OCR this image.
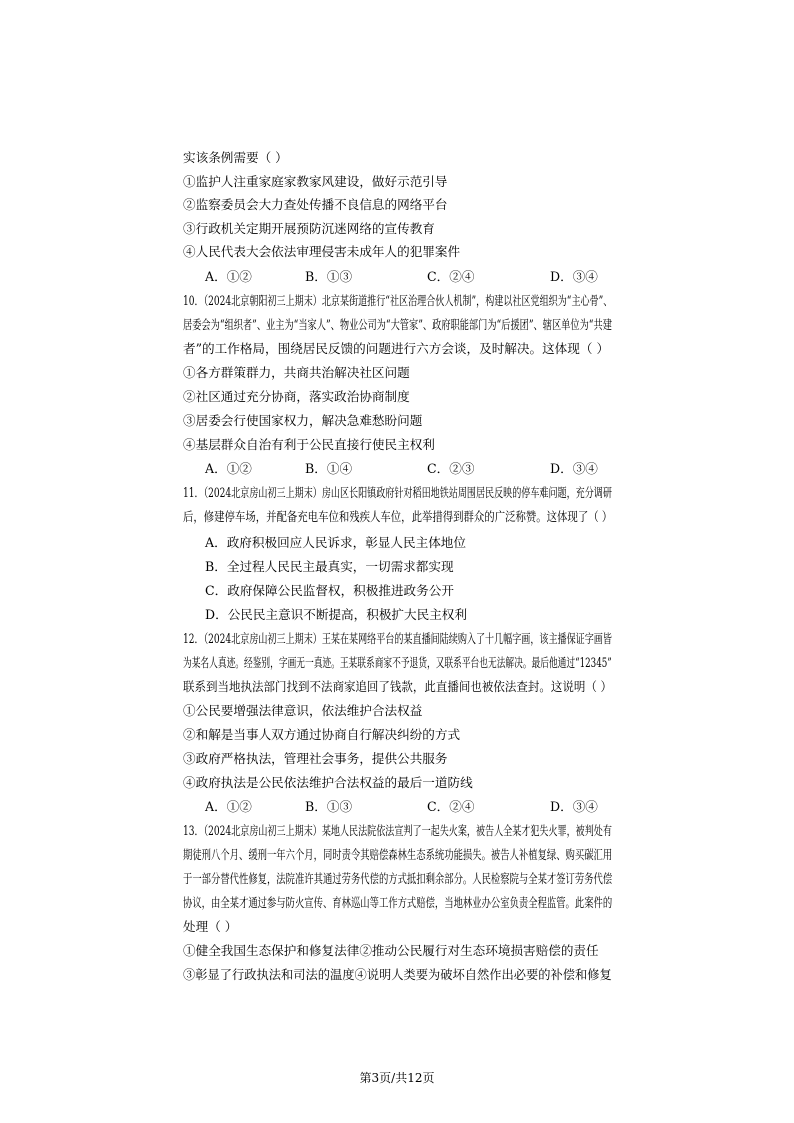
实该条例需要（ ）
①监护人注重家庭家教家风建设，做好示范引导
②监察委员会大力查处传播不良信息的网络平台
③行政机关定期开展预防沉迷网络的宣传教育
④人民代表大会依法审理侵害未成年人的犯罪案件
A．①②	B．①③	C．②④	D．③④
10．（2024北京朝阳初三上期末）北京某街道推行“社区治理合伙人机制”，构建以社区党组织为“主心骨”、
居委会为“组织者”、业主为“当家人”、物业公司为“大管家”、政府职能部门为“后援团”、辖区单位为“共建
者”的工作格局，围绕居民反馈的问题进行六方会谈，及时解决。这体现（ ）
①各方群策群力，共商共治解决社区问题
②社区通过充分协商，落实政治协商制度
③居委会行使国家权力，解决急难愁盼问题
④基层群众自治有利于公民直接行使民主权利
A．①②	B．①④	C．②③	D．③④
11．（2024北京房山初三上期末）房山区长阳镇政府针对稻田地铁站周围居民反映的停车难问题，充分调研
后，修建停车场，并配备充电车位和残疾人车位，此举措得到群众的广泛称赞。这体现了（ ）
A．政府积极回应人民诉求，彰显人民主体地位
B．全过程人民民主最真实，一切需求都实现
C．政府保障公民监督权，积极推进政务公开
D．公民民主意识不断提高，积极扩大民主权利
12．（2024北京房山初三上期末）王某在某网络平台的某直播间陆续购入了十几幅字画，该主播保证字画皆
为某名人真迹。经鉴别，字画无一真迹。王某联系商家不予退货，又联系平台也无法解决。最后他通过“12345”
联系到当地执法部门找到不法商家追回了钱款，此直播间也被依法查封。这说明（ ）
①公民要增强法律意识，依法维护合法权益
②和解是当事人双方通过协商自行解决纠纷的方式
③政府严格执法，管理社会事务，提供公共服务
④政府执法是公民依法维护合法权益的最后一道防线
A．①②	B．①③	C．②④	D．③④
13．（2024北京房山初三上期末）某地人民法院依法宣判了一起失火案，被告人全某才犯失火罪，被判处有
期徒刑八个月、缓刑一年六个月，同时责令其赔偿森林生态系统功能损失。被告人补植复绿、购买碳汇用
于一部分替代性修复，法院准许其通过劳务代偿的方式抵扣剩余部分。人民检察院与全某才签订劳务代偿
协议，由全某才通过参与防火宣传、育林巡山等工作方式赔偿，当地林业办公室负责全程监管。此案件的
处理（ ）
①健全我国生态保护和修复法律②推动公民履行对生态环境损害赔偿的责任
③彰显了行政执法和司法的温度④说明人类要为破坏自然作出必要的补偿和修复
第3页/共12页
